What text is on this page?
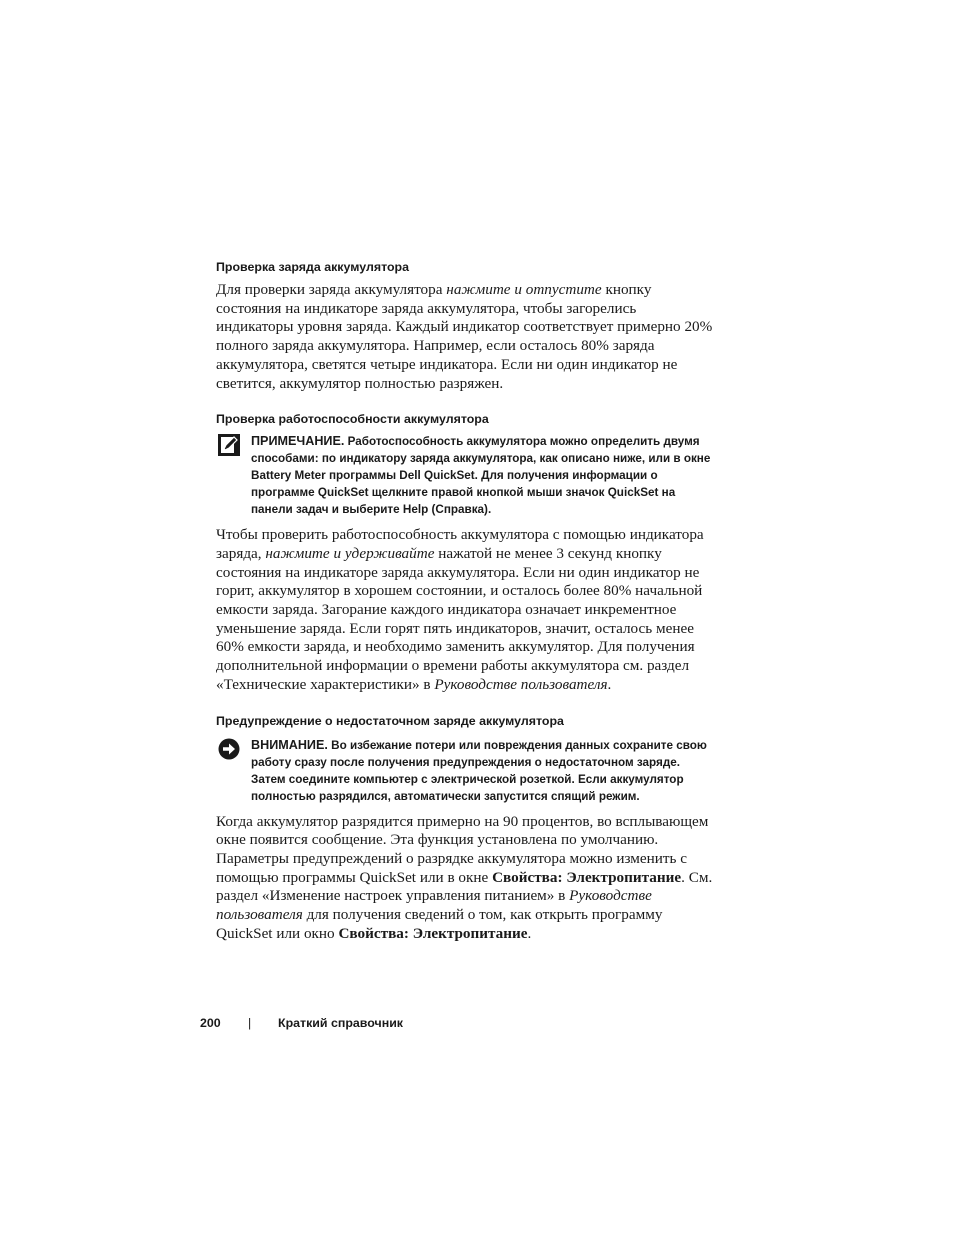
Проверка заряда аккумулятора

Для проверки заряда аккумулятора нажмите и отпустите кнопку состояния на индикаторе заряда аккумулятора, чтобы загорелись индикаторы уровня заряда. Каждый индикатор соответствует примерно 20% полного заряда аккумулятора. Например, если осталось 80% заряда аккумулятора, светятся четыре индикатора. Если ни один индикатор не светится, аккумулятор полностью разряжен.

Проверка работоспособности аккумулятора

ПРИМЕЧАНИЕ. Работоспособность аккумулятора можно определить двумя способами: по индикатору заряда аккумулятора, как описано ниже, или в окне Battery Meter программы Dell QuickSet. Для получения информации о программе QuickSet щелкните правой кнопкой мыши значок QuickSet на панели задач и выберите Help (Справка).

Чтобы проверить работоспособность аккумулятора с помощью индикатора заряда, нажмите и удерживайте нажатой не менее 3 секунд кнопку состояния на индикаторе заряда аккумулятора. Если ни один индикатор не горит, аккумулятор в хорошем состоянии, и осталось более 80% начальной емкости заряда. Загорание каждого индикатора означает инкрементное уменьшение заряда. Если горят пять индикаторов, значит, осталось менее 60% емкости заряда, и необходимо заменить аккумулятор. Для получения дополнительной информации о времени работы аккумулятора см. раздел «Технические характеристики» в Руководстве пользователя.

Предупреждение о недостаточном заряде аккумулятора

ВНИМАНИЕ. Во избежание потери или повреждения данных сохраните свою работу сразу после получения предупреждения о недостаточном заряде. Затем соедините компьютер с электрической розеткой. Если аккумулятор полностью разрядился, автоматически запустится спящий режим.

Когда аккумулятор разрядится примерно на 90 процентов, во всплывающем окне появится сообщение. Эта функция установлена по умолчанию. Параметры предупреждений о разрядке аккумулятора можно изменить с помощью программы QuickSet или в окне Свойства: Электропитание. См. раздел «Изменение настроек управления питанием» в Руководстве пользователя для получения сведений о том, как открыть программу QuickSet или окно Свойства: Электропитание.

200 | Краткий справочник
